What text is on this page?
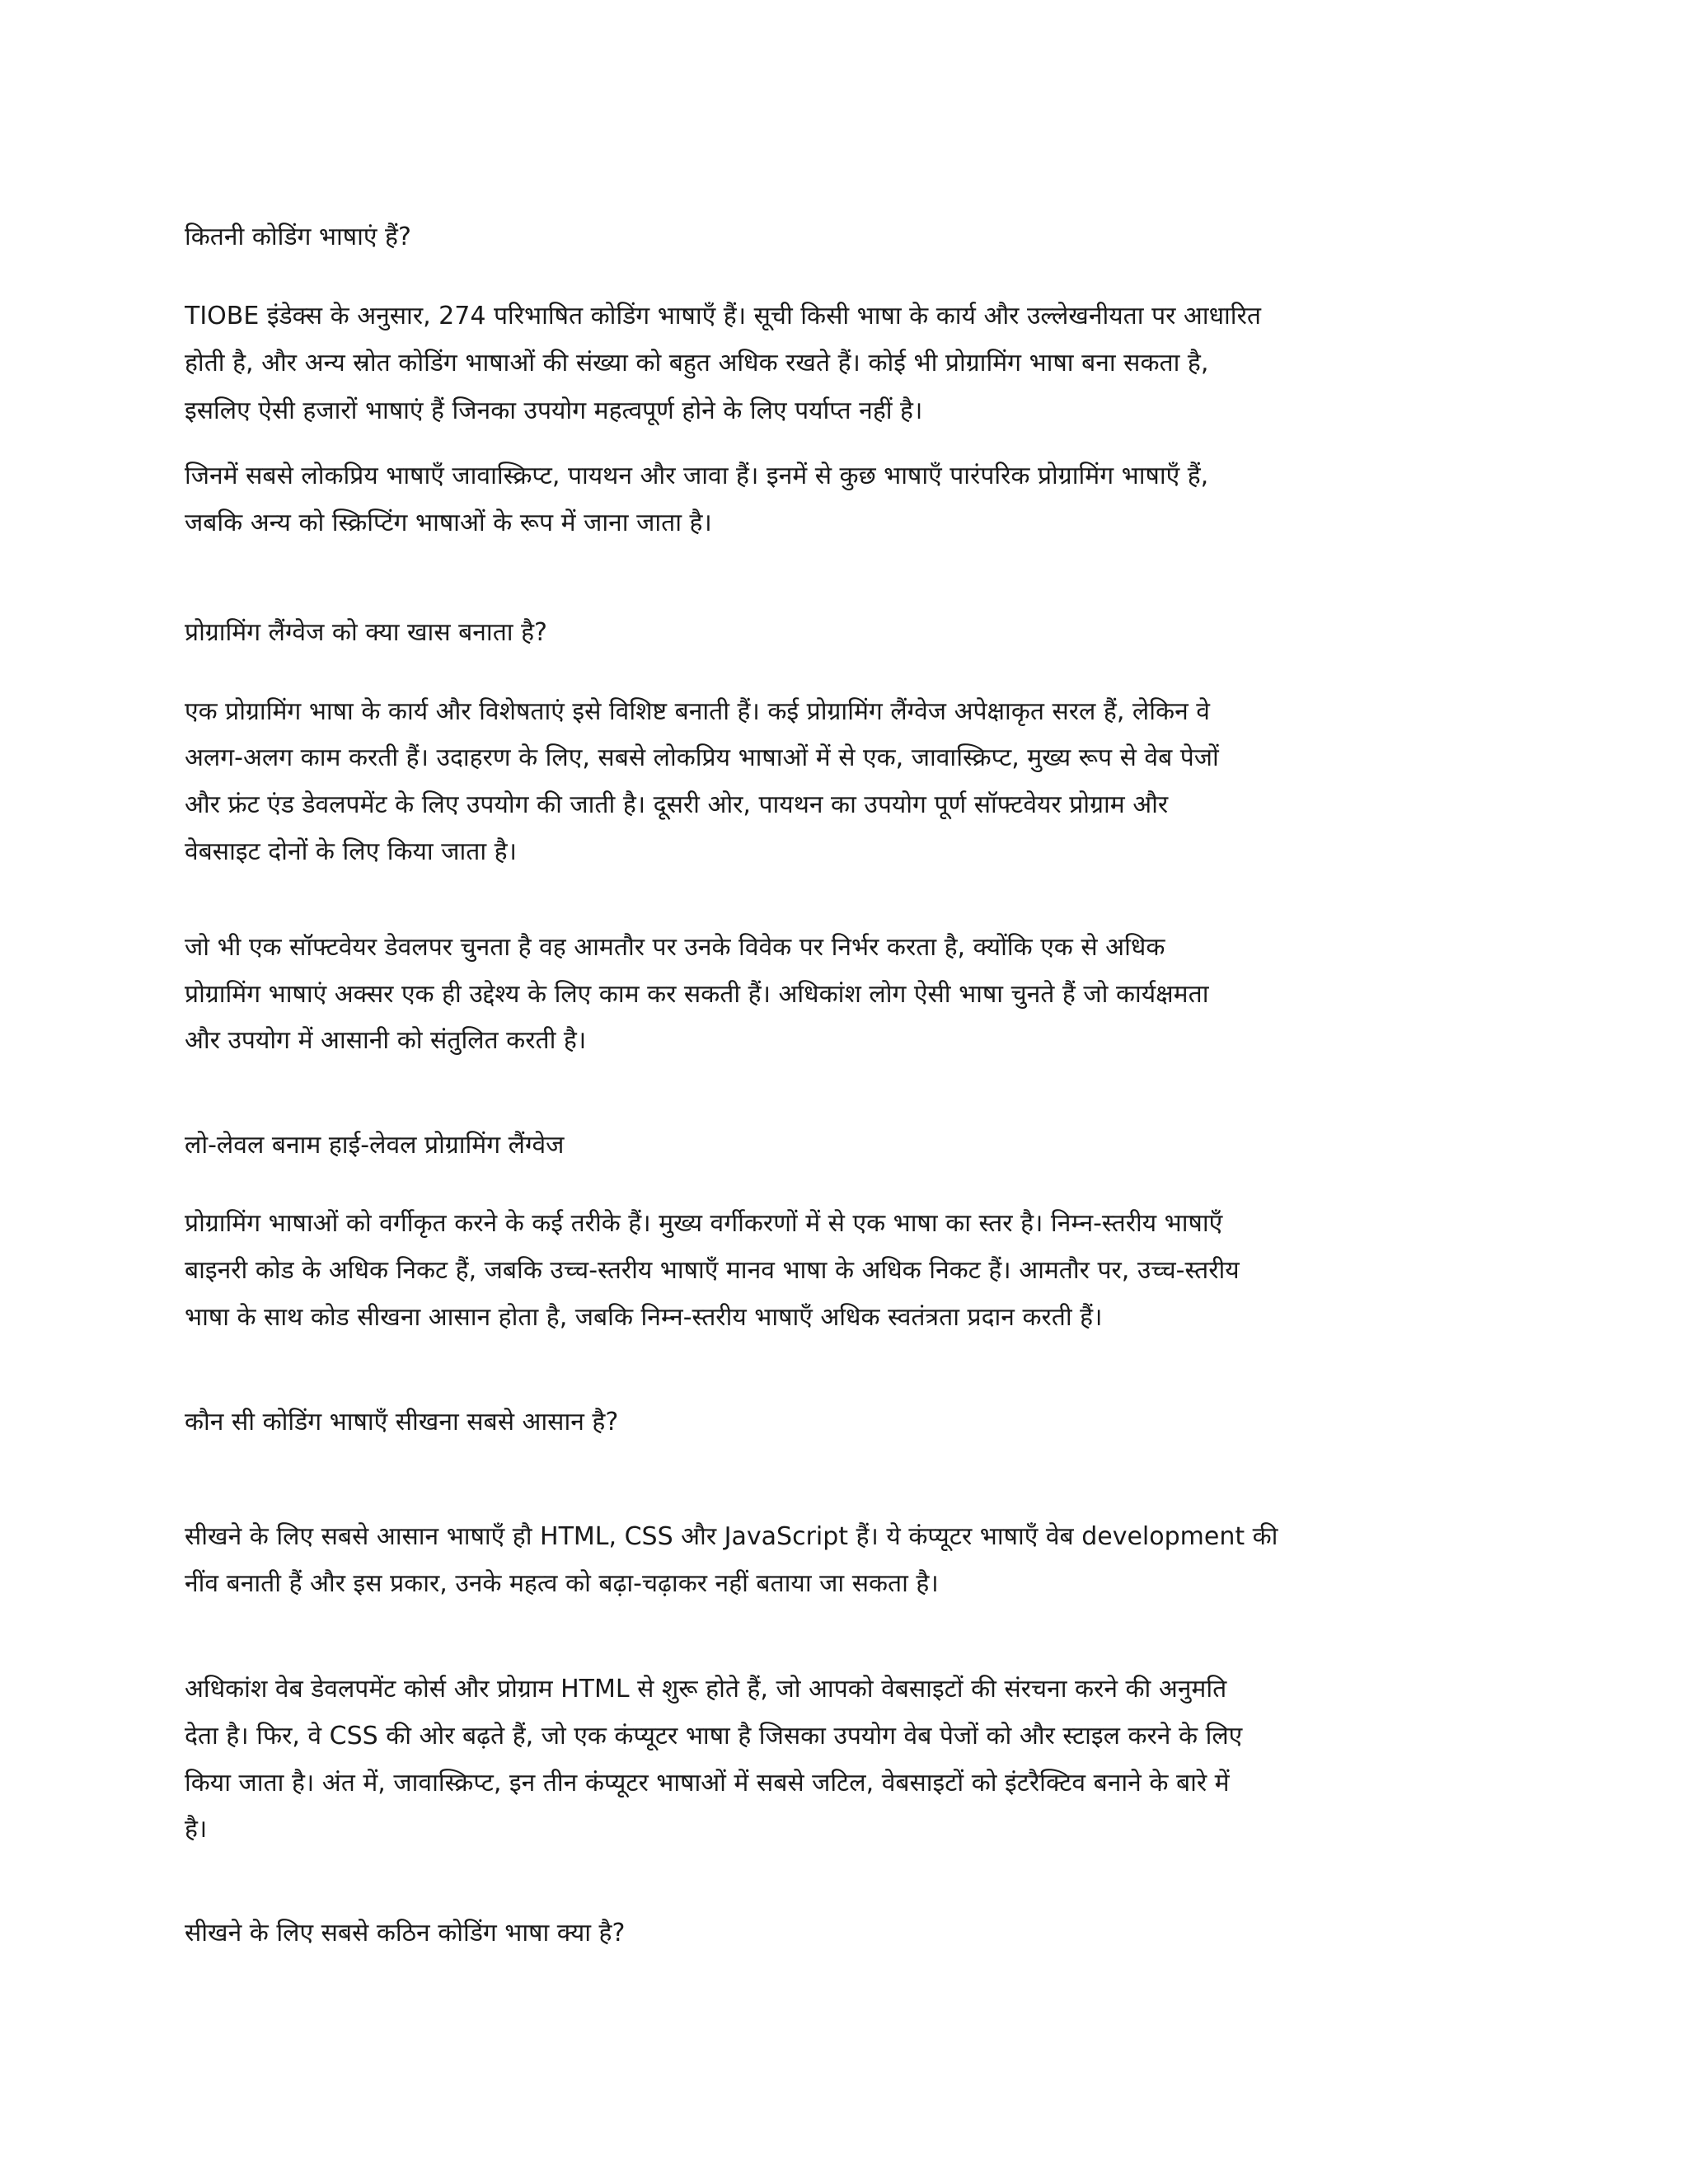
कितनी कोडिंग भाषाएं हैं?
TIOBE इंडेक्स के अनुसार, 274 परिभाषित कोडिंग भाषाएँ हैं। सूची किसी भाषा के कार्य और उल्लेखनीयता पर आधारित
होती है, और अन्य स्रोत कोडिंग भाषाओं की संख्या को बहुत अधिक रखते हैं। कोई भी प्रोग्रामिंग भाषा बना सकता है,
इसलिए ऐसी हजारों भाषाएं हैं जिनका उपयोग महत्वपूर्ण होने के लिए पर्याप्त नहीं है।
जिनमें सबसे लोकप्रिय भाषाएँ जावास्क्रिप्ट, पायथन और जावा हैं। इनमें से कुछ भाषाएँ पारंपरिक प्रोग्रामिंग भाषाएँ हैं,
जबकि अन्य को स्क्रिप्टिंग भाषाओं के रूप में जाना जाता है।
प्रोग्रामिंग लैंग्वेज को क्या खास बनाता है?
एक प्रोग्रामिंग भाषा के कार्य और विशेषताएं इसे विशिष्ट बनाती हैं। कई प्रोग्रामिंग लैंग्वेज अपेक्षाकृत सरल हैं, लेकिन वे
अलग-अलग काम करती हैं। उदाहरण के लिए, सबसे लोकप्रिय भाषाओं में से एक, जावास्क्रिप्ट, मुख्य रूप से वेब पेजों
और फ्रंट एंड डेवलपमेंट के लिए उपयोग की जाती है। दूसरी ओर, पायथन का उपयोग पूर्ण सॉफ्टवेयर प्रोग्राम और
वेबसाइट दोनों के लिए किया जाता है।
जो भी एक सॉफ्टवेयर डेवलपर चुनता है वह आमतौर पर उनके विवेक पर निर्भर करता है, क्योंकि एक से अधिक
प्रोग्रामिंग भाषाएं अक्सर एक ही उद्देश्य के लिए काम कर सकती हैं। अधिकांश लोग ऐसी भाषा चुनते हैं जो कार्यक्षमता
और उपयोग में आसानी को संतुलित करती है।
लो-लेवल बनाम हाई-लेवल प्रोग्रामिंग लैंग्वेज
प्रोग्रामिंग भाषाओं को वर्गीकृत करने के कई तरीके हैं। मुख्य वर्गीकरणों में से एक भाषा का स्तर है। निम्न-स्तरीय भाषाएँ
बाइनरी कोड के अधिक निकट हैं, जबकि उच्च-स्तरीय भाषाएँ मानव भाषा के अधिक निकट हैं। आमतौर पर, उच्च-स्तरीय
भाषा के साथ कोड सीखना आसान होता है, जबकि निम्न-स्तरीय भाषाएँ अधिक स्वतंत्रता प्रदान करती हैं।
कौन सी कोडिंग भाषाएँ सीखना सबसे आसान है?
सीखने के लिए सबसे आसान भाषाएँ हौ HTML, CSS और JavaScript हैं। ये कंप्यूटर भाषाएँ वेब development की
नींव बनाती हैं और इस प्रकार, उनके महत्व को बढ़ा-चढ़ाकर नहीं बताया जा सकता है।
अधिकांश वेब डेवलपमेंट कोर्स और प्रोग्राम HTML से शुरू होते हैं, जो आपको वेबसाइटों की संरचना करने की अनुमति
देता है। फिर, वे CSS की ओर बढ़ते हैं, जो एक कंप्यूटर भाषा है जिसका उपयोग वेब पेजों को और स्टाइल करने के लिए
किया जाता है। अंत में, जावास्क्रिप्ट, इन तीन कंप्यूटर भाषाओं में सबसे जटिल, वेबसाइटों को इंटरैक्टिव बनाने के बारे में
है।
सीखने के लिए सबसे कठिन कोडिंग भाषा क्या है?
